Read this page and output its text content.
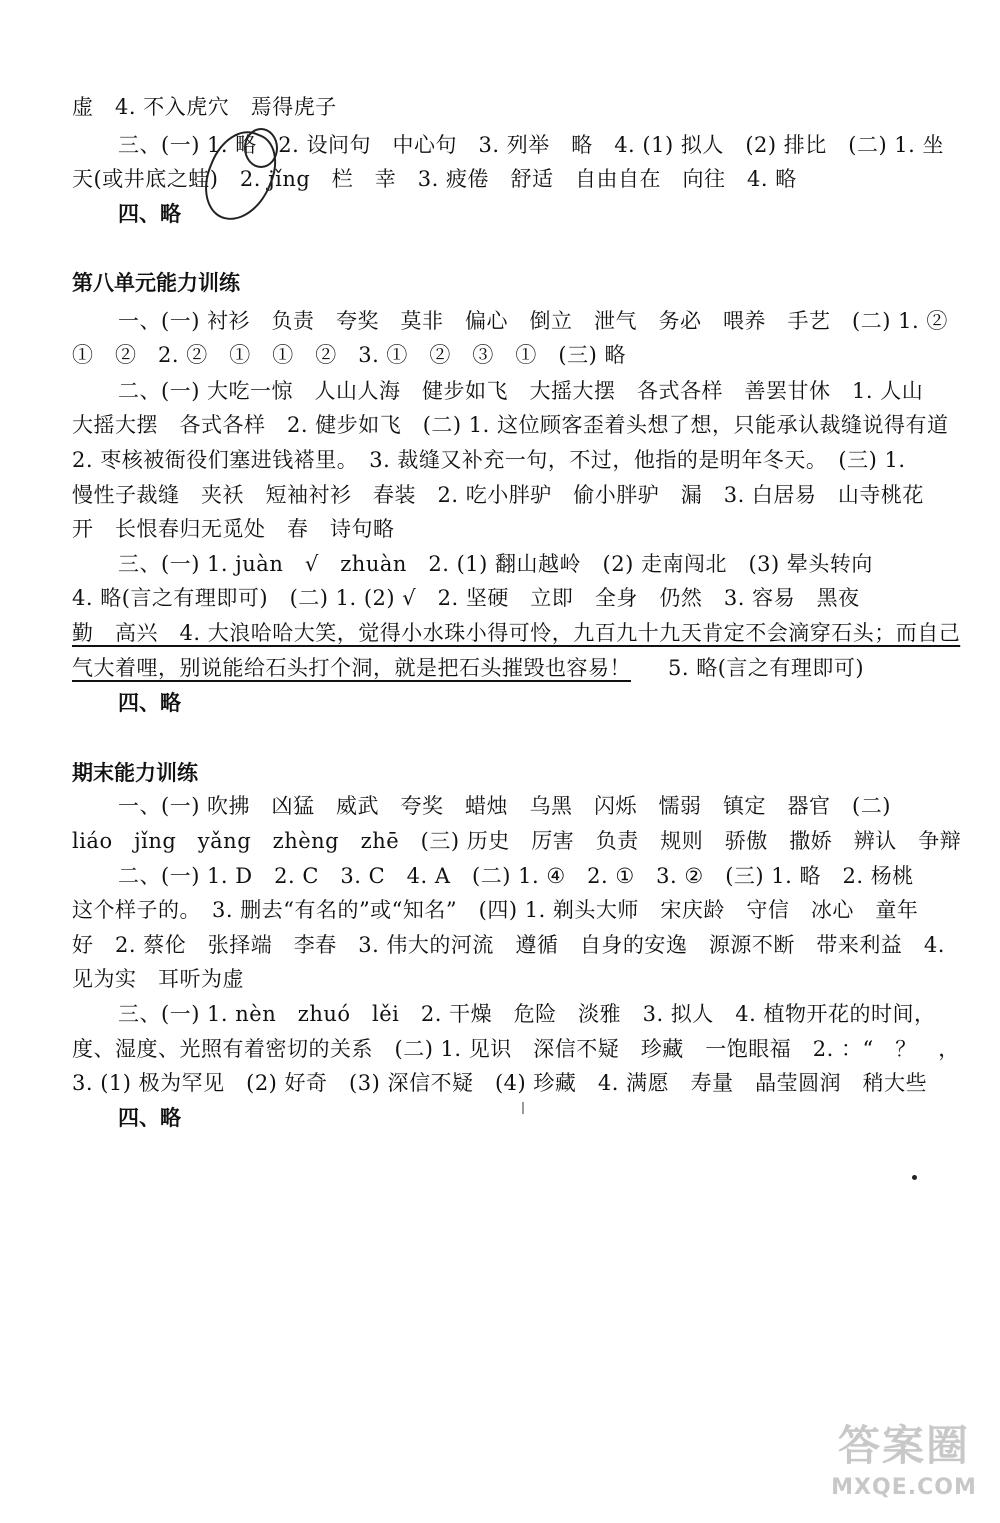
虚　4. 不入虎穴　焉得虎子
三、(一) 1. 略　2. 设问句　中心句　3. 列举　略　4. (1) 拟人　(2) 排比　(二) 1. 坐
天(或井底之蛙)　2. jǐng　栏　幸　3. 疲倦　舒适　自由自在　向往　4. 略
四、略
第八单元能力训练
一、(一) 衬衫　负责　夸奖　莫非　偏心　倒立　泄气　务必　喂养　手艺　(二) 1. ②
①　②　2. ②　①　①　②　3. ①　②　③　①　(三) 略
二、(一) 大吃一惊　人山人海　健步如飞　大摇大摆　各式各样　善罢甘休　1. 人山
大摇大摆　各式各样　2. 健步如飞　(二) 1. 这位顾客歪着头想了想，只能承认裁缝说得有道
2. 枣核被衙役们塞进钱褡里。　3. 裁缝又补充一句，不过，他指的是明年冬天。　(三) 1.
慢性子裁缝　夹袄　短袖衬衫　春装　2. 吃小胖驴　偷小胖驴　漏　3. 白居易　山寺桃花
开　长恨春归无觅处　春　诗句略
三、(一) 1. juàn　√　zhuàn　2. (1) 翻山越岭　(2) 走南闯北　(3) 晕头转向
4. 略(言之有理即可)　(二) 1. (2) √　2. 坚硬　立即　全身　仍然　3. 容易　黑夜
勤　高兴　4. 大浪哈哈大笑，觉得小水珠小得可怜，九百九十九天肯定不会滴穿石头；而自己
气大着哩，别说能给石头打个洞，就是把石头摧毁也容易！	5. 略(言之有理即可)
四、略
期末能力训练
一、(一) 吹拂　凶猛　威武　夸奖　蜡烛　乌黑　闪烁　懦弱　镇定　器官　(二)
liáo　jǐng　yǎng　zhèng　zhē　(三) 历史　厉害　负责　规则　骄傲　撒娇　辨认　争辩
二、(一) 1. D　2. C　3. C　4. A　(二) 1. ④　2. ①　3. ②　(三) 1. 略　2. 杨桃
这个样子的。　3. 删去“有名的”或“知名”　(四) 1. 剃头大师　宋庆龄　守信　冰心　童年
好　2. 蔡伦　张择端　李春　3. 伟大的河流　遵循　自身的安逸　源源不断　带来利益　4.
见为实　耳听为虚
三、(一) 1. nèn　zhuó　lěi　2. 干燥　危险　淡雅　3. 拟人　4. 植物开花的时间，
度、湿度、光照有着密切的关系　(二) 1. 见识　深信不疑　珍藏　一饱眼福　2. ：“　？　，
3. (1) 极为罕见　(2) 好奇　(3) 深信不疑　(4) 珍藏　4. 满愿　寿量　晶莹圆润　稍大些
四、略
答案圈
MXQE.COM
